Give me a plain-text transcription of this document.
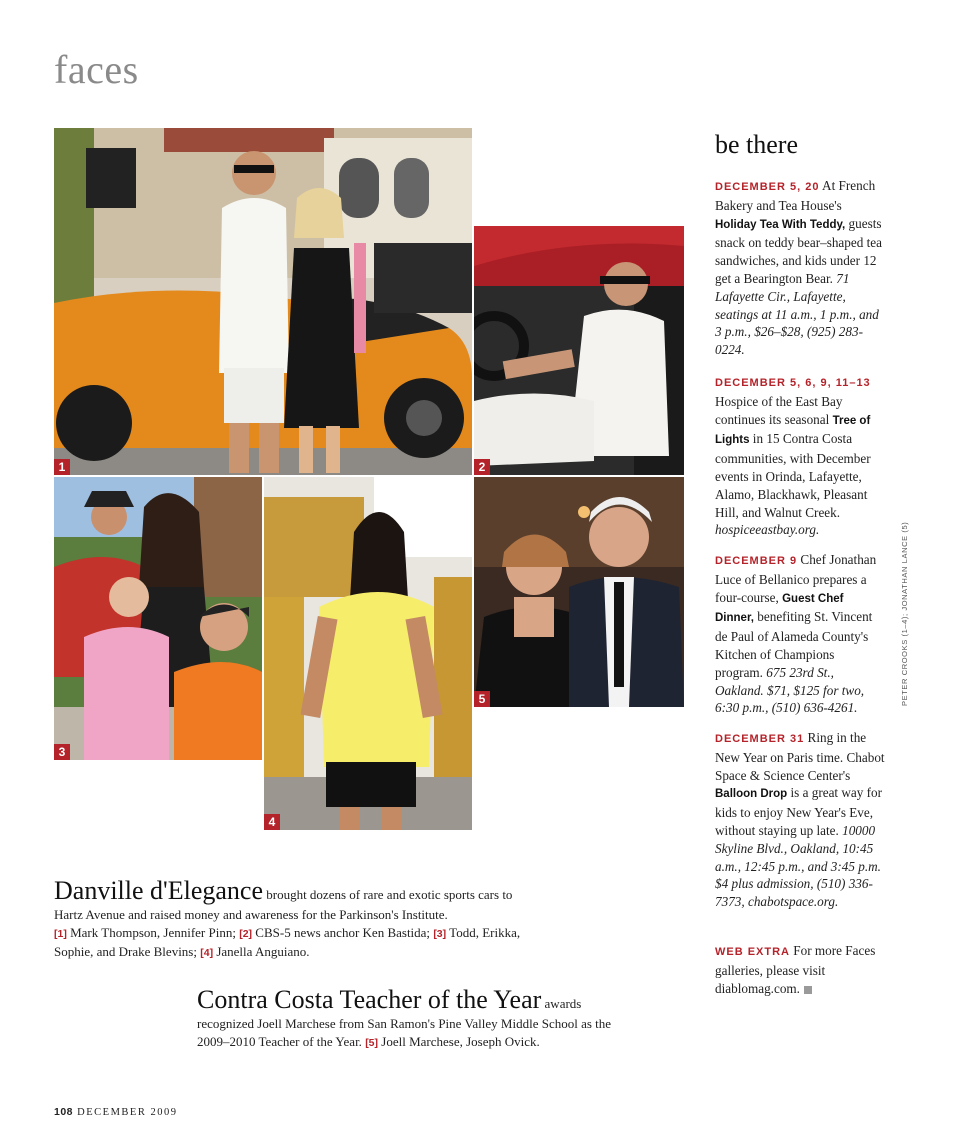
faces
1	2
3
4
5
be there
DECEMBER 5, 20 At French Bakery and Tea House's Holiday Tea With Teddy, guests snack on teddy bear–shaped tea sandwiches, and kids under 12 get a Bearington Bear. 71 Lafayette Cir., Lafayette, seatings at 11 a.m., 1 p.m., and 3 p.m., $26–$28, (925) 283-0224.
DECEMBER 5, 6, 9, 11–13 Hospice of the East Bay continues its seasonal Tree of Lights in 15 Contra Costa communities, with December events in Orinda, Lafayette, Alamo, Blackhawk, Pleasant Hill, and Walnut Creek. hospiceeastbay.org.
DECEMBER 9 Chef Jonathan Luce of Bellanico prepares a four-course, Guest Chef Dinner, benefiting St. Vincent de Paul of Alameda County's Kitchen of Champions program. 675 23rd St., Oakland. $71, $125 for two, 6:30 p.m., (510) 636-4261.
DECEMBER 31 Ring in the New Year on Paris time. Chabot Space & Science Center's Balloon Drop is a great way for kids to enjoy New Year's Eve, without staying up late. 10000 Skyline Blvd., Oakland, 10:45 a.m., 12:45 p.m., and 3:45 p.m. $4 plus admission, (510) 336-7373, chabotspace.org.
WEB EXTRA For more Faces galleries, please visit diablomag.com.
PETER CROOKS (1–4); JONATHAN LANCE (5)
Danville d'Elegance brought dozens of rare and exotic sports cars to Hartz Avenue and raised money and awareness for the Parkinson's Institute.
[1] Mark Thompson, Jennifer Pinn; [2] CBS-5 news anchor Ken Bastida; [3] Todd, Erikka, Sophie, and Drake Blevins; [4] Janella Anguiano.
Contra Costa Teacher of the Year awards recognized Joell Marchese from San Ramon's Pine Valley Middle School as the 2009–2010 Teacher of the Year. [5] Joell Marchese, Joseph Ovick.
108 DECEMBER 2009
